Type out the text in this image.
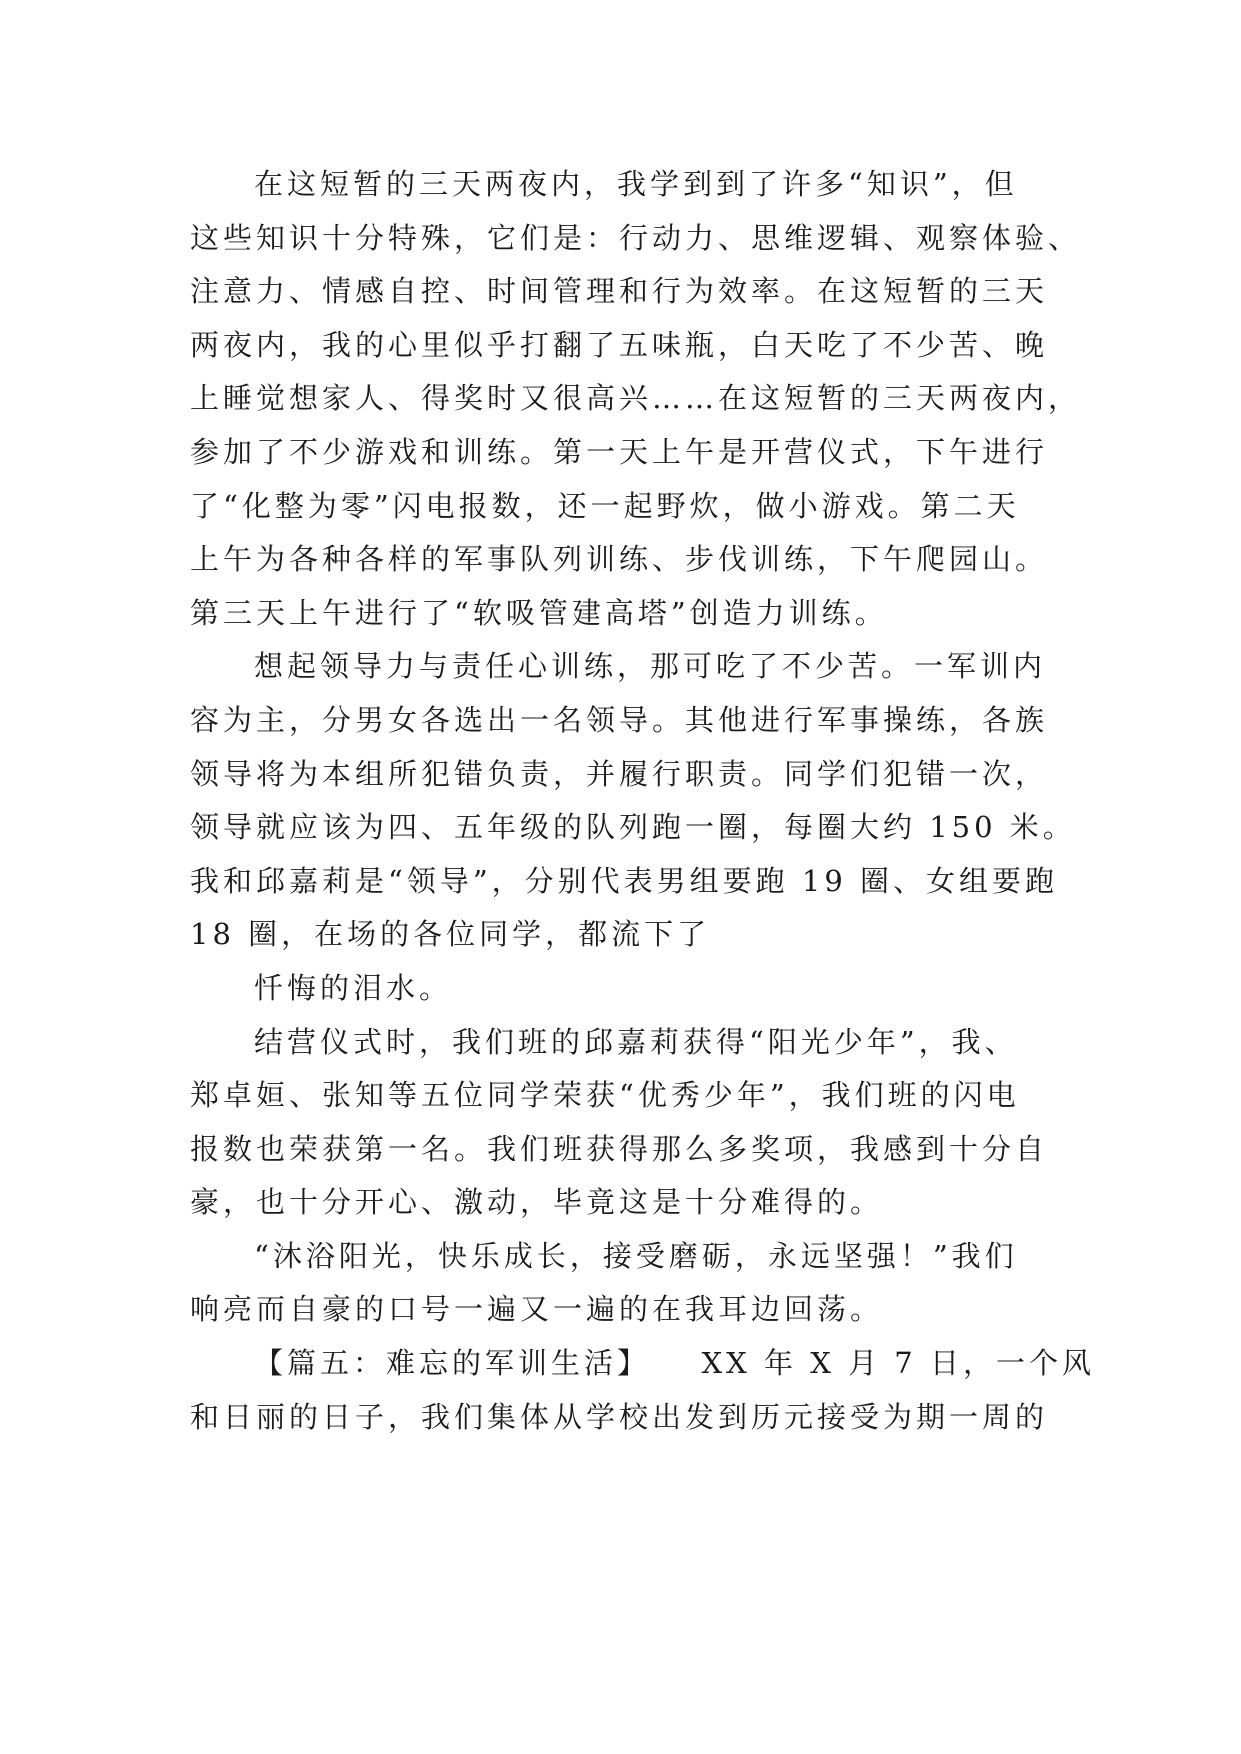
在这短暂的三天两夜内，我学到到了许多“知识”，但
这些知识十分特殊，它们是：行动力、思维逻辑、观察体验、
注意力、情感自控、时间管理和行为效率。在这短暂的三天
两夜内，我的心里似乎打翻了五味瓶，白天吃了不少苦、晚
上睡觉想家人、得奖时又很高兴……在这短暂的三天两夜内，
参加了不少游戏和训练。第一天上午是开营仪式，下午进行
了“化整为零”闪电报数，还一起野炊，做小游戏。第二天
上午为各种各样的军事队列训练、步伐训练，下午爬园山。
第三天上午进行了“软吸管建高塔”创造力训练。
想起领导力与责任心训练，那可吃了不少苦。一军训内
容为主，分男女各选出一名领导。其他进行军事操练，各族
领导将为本组所犯错负责，并履行职责。同学们犯错一次，
领导就应该为四、五年级的队列跑一圈，每圈大约 150 米。
我和邱嘉莉是“领导”，分别代表男组要跑 19 圈、女组要跑
18 圈，在场的各位同学，都流下了
忏悔的泪水。
结营仪式时，我们班的邱嘉莉获得“阳光少年”，我、
郑卓姮、张知等五位同学荣获“优秀少年”，我们班的闪电
报数也荣获第一名。我们班获得那么多奖项，我感到十分自
豪，也十分开心、激动，毕竟这是十分难得的。
“沐浴阳光，快乐成长，接受磨砺，永远坚强！”我们
响亮而自豪的口号一遍又一遍的在我耳边回荡。
【篇五：难忘的军训生活】　　XX 年 X 月 7 日，一个风
和日丽的日子，我们集体从学校出发到历元接受为期一周的
